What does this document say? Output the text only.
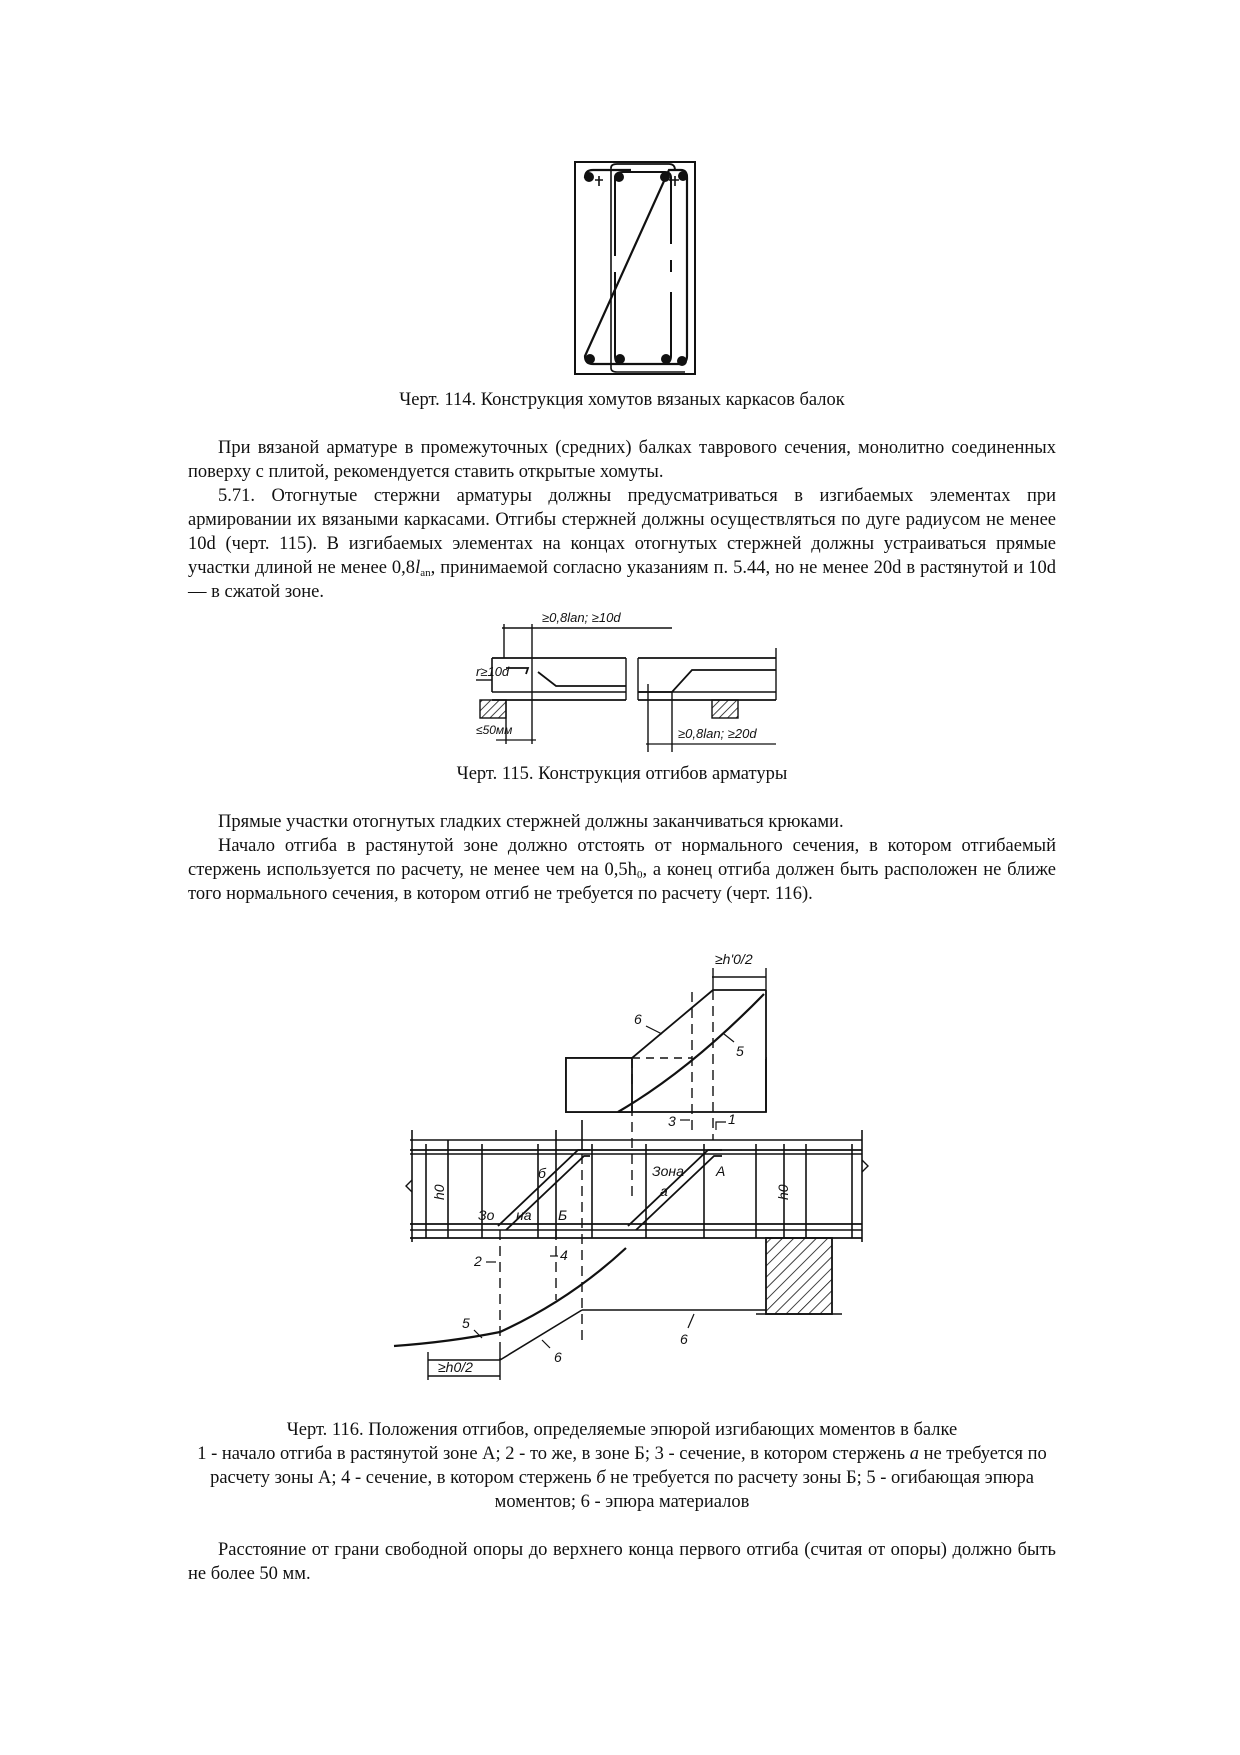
Черт. 114. Конструкция хомутов вязаных каркасов балок
При вязаной арматуре в промежуточных (средних) балках таврового сечения, монолитно соединенных поверху с плитой, рекомендуется ставить открытые хомуты.
5.71. Отогнутые стержни арматуры должны предусматриваться в изгибаемых элементах при армировании их вязаными каркасами. Отгибы стержней должны осуществляться по дуге радиусом не менее 10d (черт. 115). В изгибаемых элементах на концах отогнутых стержней должны устраиваться прямые участки длиной не менее $0,8l_{an}$, принимаемой согласно указаниям п. 5.44, но не менее 20d в растянутой и 10d — в сжатой зоне.
≥0,8lan; ≥10d
r≥10d
≤50мм	≥0,8lan; ≥20d
Черт. 115. Конструкция отгибов арматуры
Прямые участки отогнутых гладких стержней должны заканчиваться крюками.
Начало отгиба в растянутой зоне должно отстоять от нормального сечения, в котором отгибаемый стержень используется по расчету, не менее чем на $0,5h_0$, а конец отгиба должен быть расположен не ближе того нормального сечения, в котором отгиб не требуется по расчету (черт. 116).
≥h'0/2
6
5
3	1
h0	h0
б
Зо на Б
Зона
а
А
≥h0/2
2	4
5
6
6
Черт. 116. Положения отгибов, определяемые эпюрой изгибающих моментов в балке
1 - начало отгиба в растянутой зоне А; 2 - то же, в зоне Б; 3 - сечение, в котором стержень а не требуется по расчету зоны А; 4 - сечение, в котором стержень б не требуется по расчету зоны Б; 5 - огибающая эпюра моментов; 6 - эпюра материалов
Расстояние от грани свободной опоры до верхнего конца первого отгиба (считая от опоры) должно быть не более 50 мм.
